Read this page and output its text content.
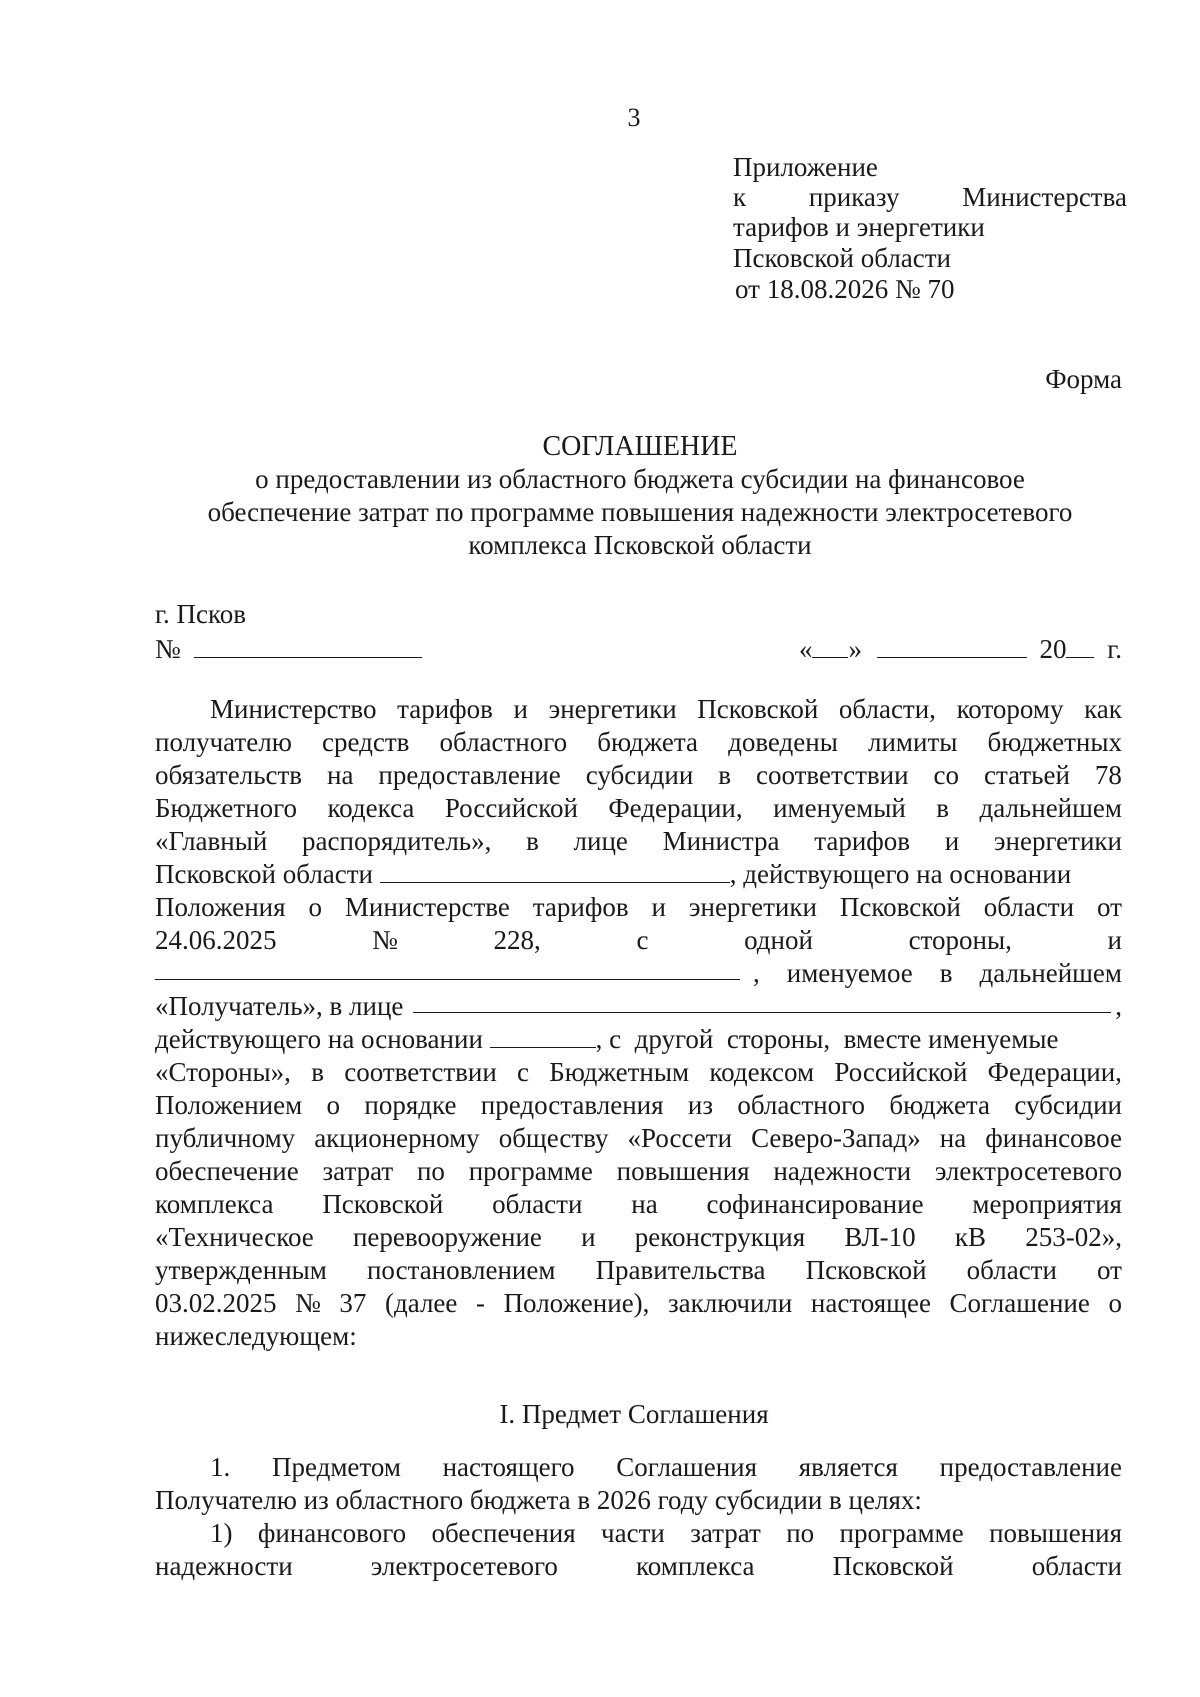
3
Приложение
к приказу Министерства
тарифов и энергетики
Псковской области
от 18.08.2026 № 70
Форма
СОГЛАШЕНИЕ
о предоставлении из областного бюджета субсидии на финансовое
обеспечение затрат по программе повышения надежности электросетевого
комплекса Псковской области
г. Псков
№	« »	20 г.
Министерство тарифов и энергетики Псковской области, которому как
получателю средств областного бюджета доведены лимиты бюджетных
обязательств на предоставление субсидии в соответствии со статьей 78
Бюджетного кодекса Российской Федерации, именуемый в дальнейшем
«Главный распорядитель», в лице Министра тарифов и энергетики
Псковской области	, действующего на основании
Положения о Министерстве тарифов и энергетики Псковской области от
24.06.2025	№	228,	с	одной	стороны,	и
,    именуемое    в    дальнейшем
«Получатель», в лице	,
действующего на основании	, с  другой  стороны,  вместе именуемые
«Стороны», в соответствии с Бюджетным кодексом Российской Федерации,
Положением о порядке предоставления из областного бюджета субсидии
публичному акционерному обществу «Россети Северо-Запад» на финансовое
обеспечение затрат по программе повышения надежности электросетевого
комплекса Псковской области на софинансирование мероприятия
«Техническое перевооружение и реконструкция ВЛ-10 кВ 253-02»,
утвержденным постановлением Правительства Псковской области от
03.02.2025 № 37 (далее - Положение), заключили настоящее Соглашение о
нижеследующем:
I. Предмет Соглашения
1. Предметом настоящего Соглашения является предоставление
Получателю из областного бюджета в 2026 году субсидии в целях:
1) финансового обеспечения части затрат по программе повышения
надежности	электросетевого	комплекса	Псковской	области
